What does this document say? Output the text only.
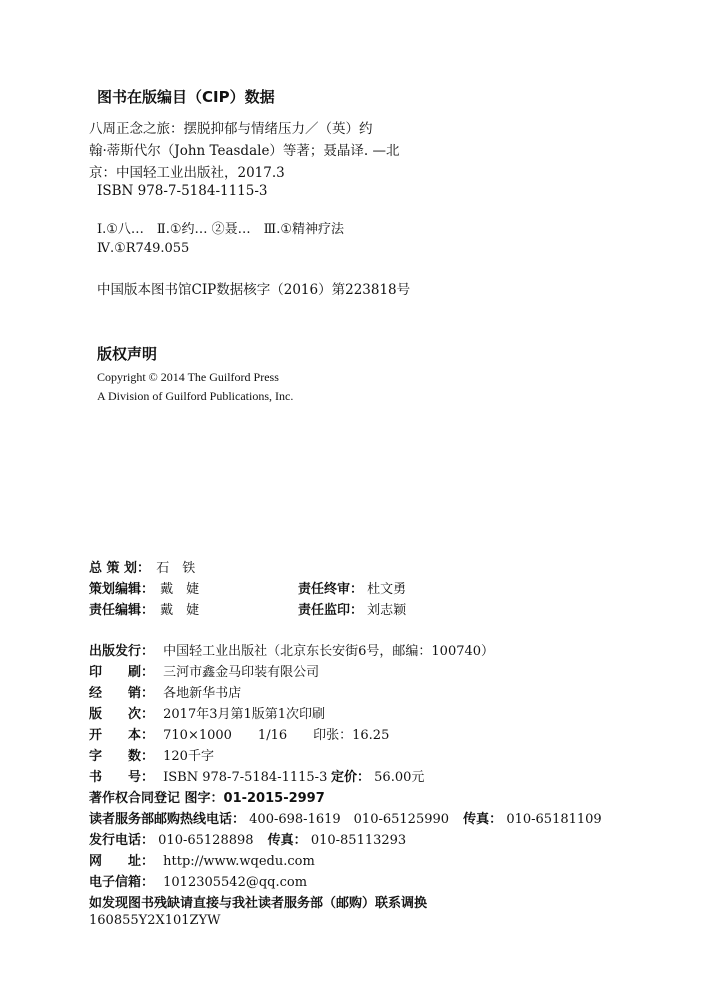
图书在版编目（CIP）数据
八周正念之旅：摆脱抑郁与情绪压力／（英）约
翰·蒂斯代尔（John Teasdale）等著；聂晶译. —北
京：中国轻工业出版社，2017.3
ISBN 978-7-5184-1115-3
Ⅰ.①八…　Ⅱ.①约… ②聂…　Ⅲ.①精神疗法
Ⅳ.①R749.055
中国版本图书馆CIP数据核字（2016）第223818号
版权声明
Copyright © 2014 The Guilford Press
A Division of Guilford Publications, Inc.
总 策 划： 石　铁
策划编辑： 戴　婕	责任终审： 杜文勇
责任编辑： 戴　婕	责任监印： 刘志颖
出版发行： 中国轻工业出版社（北京东长安街6号，邮编：100740）
印　　刷： 三河市鑫金马印装有限公司
经　　销： 各地新华书店
版　　次： 2017年3月第1版第1次印刷
开　　本： 710×1000　　1/16　　印张：16.25
字　　数： 120千字
书　　号： ISBN 978-7-5184-1115-3 定价： 56.00元
著作权合同登记 图字：01-2015-2997
读者服务部邮购热线电话： 400-698-1619　010-65125990 传真： 010-65181109
发行电话： 010-65128898 传真： 010-85113293
网　　址： http://www.wqedu.com
电子信箱： 1012305542@qq.com
如发现图书残缺请直接与我社读者服务部（邮购）联系调换
160855Y2X101ZYW
